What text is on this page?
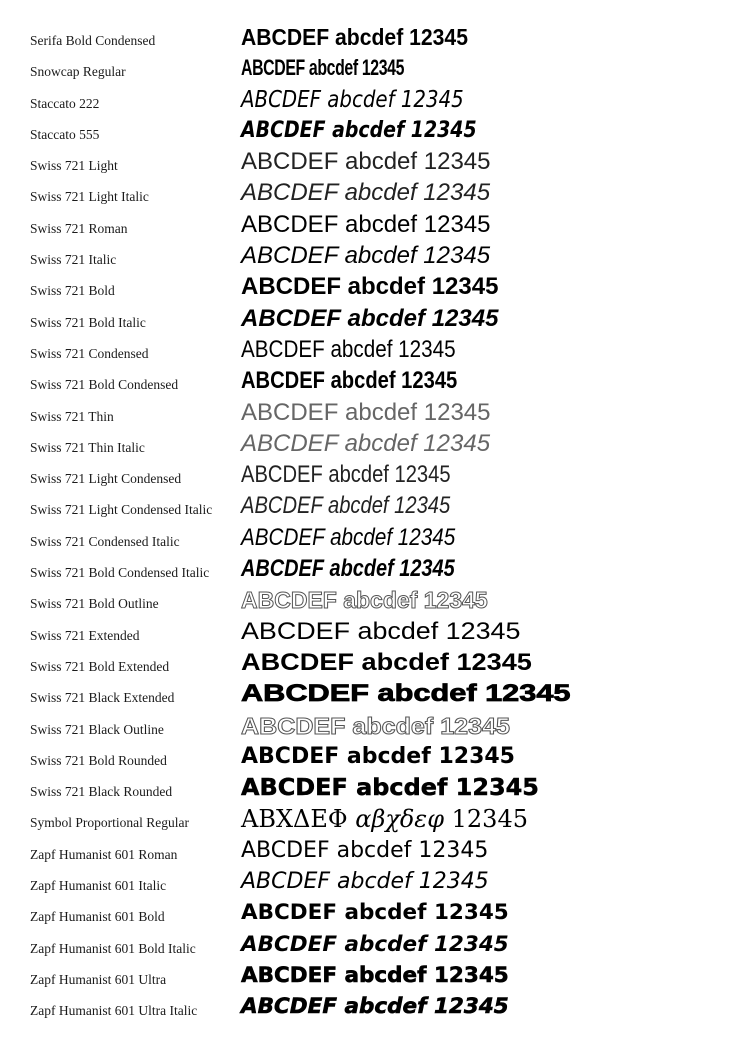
Serifa Bold Condensed	ABCDEF abcdef 12345
Snowcap Regular	ABCDEF abcdef 12345
Staccato 222	ABCDEF abcdef 12345
Staccato 555	ABCDEF abcdef 12345
Swiss 721 Light	ABCDEF abcdef 12345
Swiss 721 Light Italic	ABCDEF abcdef 12345
Swiss 721 Roman	ABCDEF abcdef 12345
Swiss 721 Italic	ABCDEF abcdef 12345
Swiss 721 Bold	ABCDEF abcdef 12345
Swiss 721 Bold Italic	ABCDEF abcdef 12345
Swiss 721 Condensed	ABCDEF abcdef 12345
Swiss 721 Bold Condensed	ABCDEF abcdef 12345
Swiss 721 Thin	ABCDEF abcdef 12345
Swiss 721 Thin Italic	ABCDEF abcdef 12345
Swiss 721 Light Condensed ABCDEF abcdef 12345
Swiss 721 Light Condensed Italic ABCDEF abcdef 12345
Swiss 721 Condensed Italic	ABCDEF abcdef 12345
Swiss 721 Bold Condensed Italic ABCDEF abcdef 12345
Swiss 721 Bold Outline	ABCDEF abcdef 12345
Swiss 721 Extended	ABCDEF abcdef 12345
Swiss 721 Bold Extended	ABCDEF abcdef 12345
Swiss 721 Black Extended	ABCDEF abcdef 12345
Swiss 721 Black Outline	ABCDEF abcdef 12345
Swiss 721 Bold Rounded	ABCDEF abcdef 12345
Swiss 721 Black Rounded	ABCDEF abcdef 12345
Symbol Proportional Regular ΑΒΧΔΕΦ αβχδεφ 12345
Zapf Humanist 601 Roman	ABCDEF abcdef 12345
Zapf Humanist 601 Italic	ABCDEF abcdef 12345
Zapf Humanist 601 Bold	ABCDEF abcdef 12345
Zapf Humanist 601 Bold Italic ABCDEF abcdef 12345
Zapf Humanist 601 Ultra	ABCDEF abcdef 12345
Zapf Humanist 601 Ultra Italic ABCDEF abcdef 12345
